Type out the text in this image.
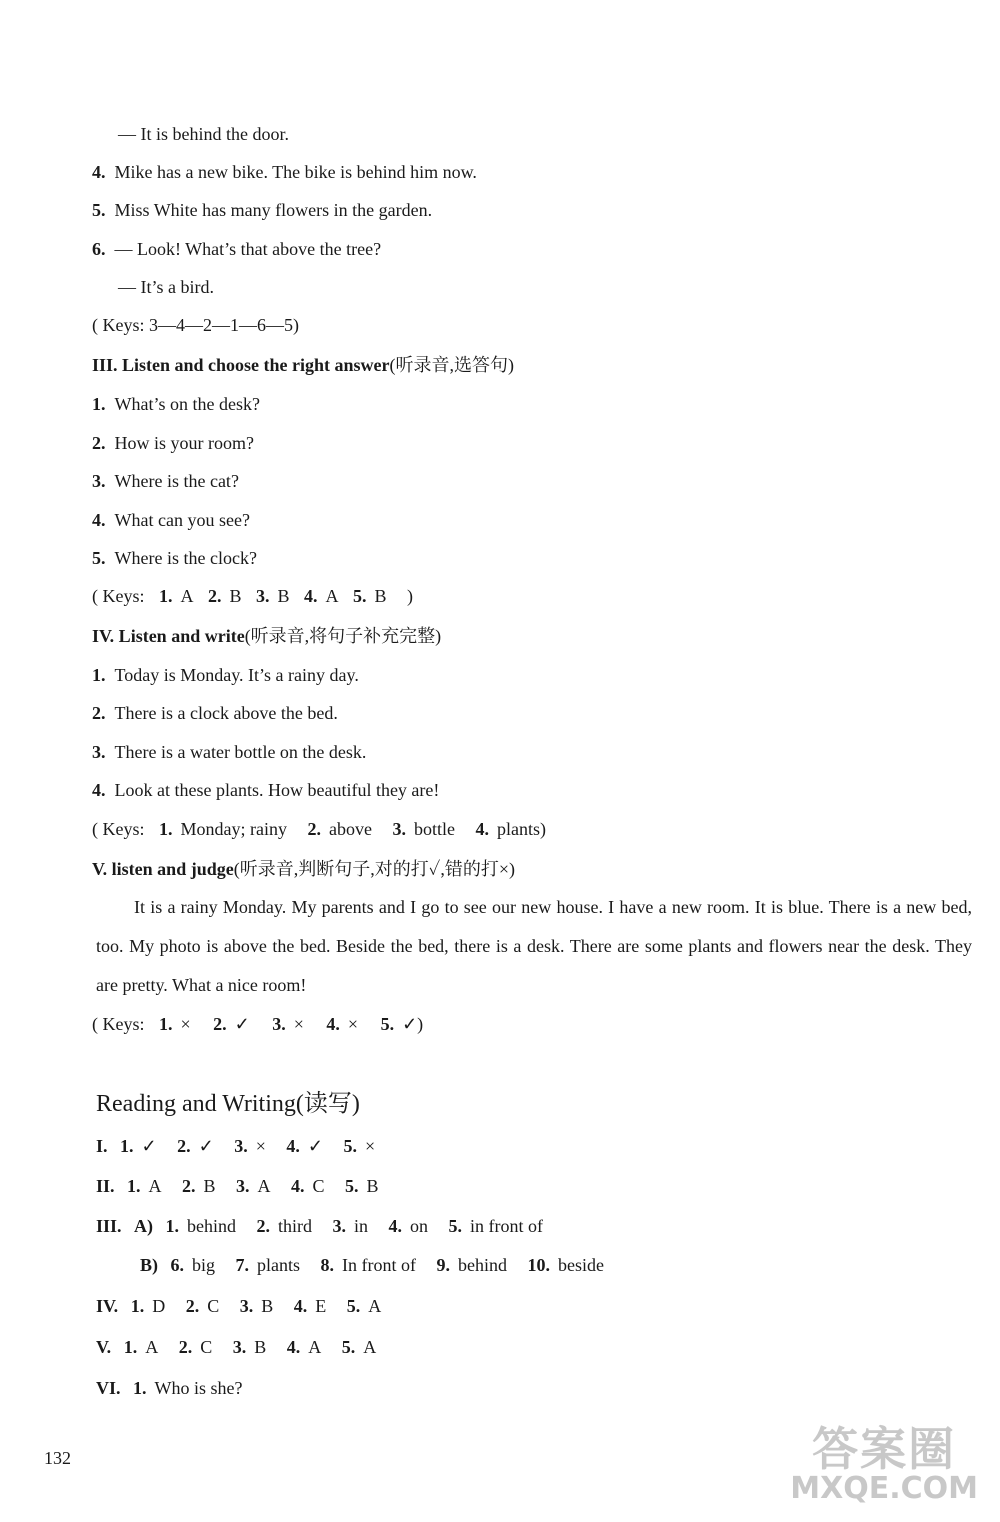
— It is behind the door.
4. Mike has a new bike. The bike is behind him now.
5. Miss White has many flowers in the garden.
6. — Look! What’s that above the tree?
— It’s a bird.
( Keys: 3—4—2—1—6—5)
III. Listen and choose the right answer(听录音,选答句)
1. What’s on the desk?
2. How is your room?
3. Where is the cat?
4. What can you see?
5. Where is the clock?
( Keys: 1. A 2. B 3. B 4. A 5. B )
IV. Listen and write(听录音,将句子补充完整)
1. Today is Monday. It’s a rainy day.
2. There is a clock above the bed.
3. There is a water bottle on the desk.
4. Look at these plants. How beautiful they are!
( Keys: 1. Monday; rainy 2. above 3. bottle 4. plants)
V. listen and judge(听录音,判断句子,对的打✓,错的打×)
It is a rainy Monday. My parents and I go to see our new house. I have a new room. It is blue. There is a new bed, too. My photo is above the bed. Beside the bed, there is a desk. There are some plants and flowers near the desk. They are pretty. What a nice room!
( Keys: 1. × 2. ✓ 3. × 4. × 5. ✓)
Reading and Writing(读写)
I. 1. ✓ 2. ✓ 3. × 4. ✓ 5. ×
II. 1. A 2. B 3. A 4. C 5. B
III. A) 1. behind 2. third 3. in 4. on 5. in front of
B) 6. big 7. plants 8. In front of 9. behind 10. beside
IV. 1. D 2. C 3. B 4. E 5. A
V. 1. A 2. C 3. B 4. A 5. A
VI. 1. Who is she?
132	答案圈
MXQE.COM
